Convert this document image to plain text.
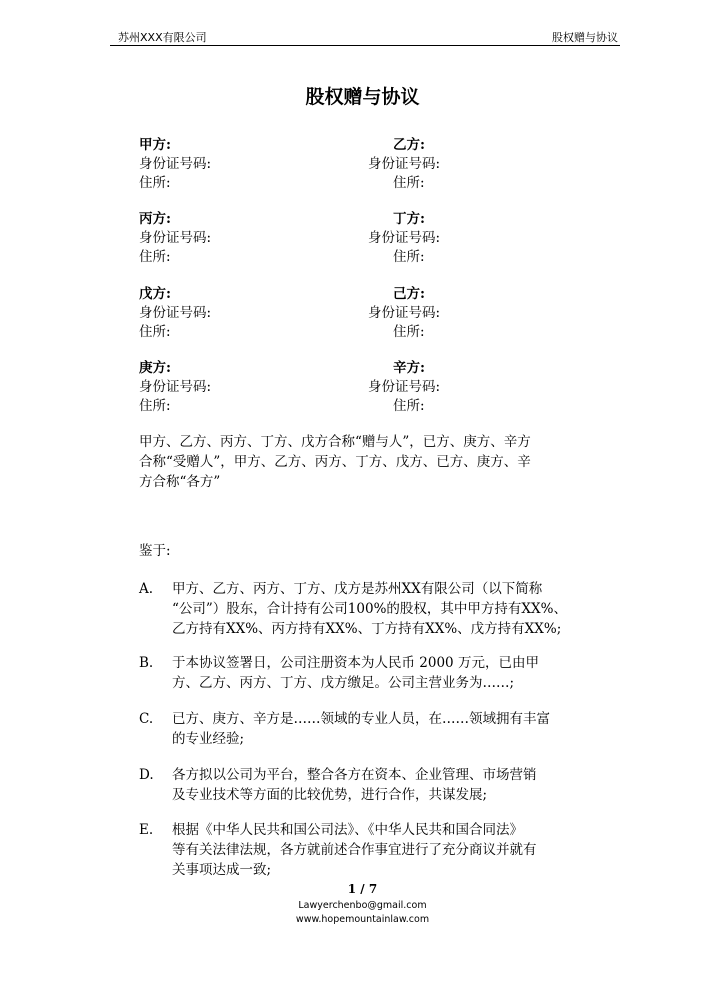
苏州XXX有限公司	股权赠与协议
股权赠与协议
甲方:
身份证号码:
住所:
乙方:
身份证号码:
住所:
丙方:
身份证号码:
住所:
丁方:
身份证号码:
住所:
戊方:
身份证号码:
住所:
己方:
身份证号码:
住所:
庚方:
身份证号码:
住所:
辛方:
身份证号码:
住所:
甲方、乙方、丙方、丁方、戊方合称“赠与人”，已方、庚方、辛方
合称“受赠人”，甲方、乙方、丙方、丁方、戊方、已方、庚方、辛
方合称“各方”
鉴于:
A. 甲方、乙方、丙方、丁方、戊方是苏州XX有限公司（以下简称
“公司”）股东，合计持有公司100%的股权，其中甲方持有XX%、
乙方持有XX%、丙方持有XX%、丁方持有XX%、戊方持有XX%;
B. 于本协议签署日，公司注册资本为人民币 2000 万元，已由甲
方、乙方、丙方、丁方、戊方缴足。公司主营业务为……;
C. 已方、庚方、辛方是……领域的专业人员，在……领域拥有丰富
的专业经验;
D. 各方拟以公司为平台，整合各方在资本、企业管理、市场营销
及专业技术等方面的比较优势，进行合作，共谋发展;
E. 根据《中华人民共和国公司法》、《中华人民共和国合同法》
等有关法律法规，各方就前述合作事宜进行了充分商议并就有
关事项达成一致;
1 / 7
Lawyerchenbo@gmail.com
www.hopemountainlaw.com
